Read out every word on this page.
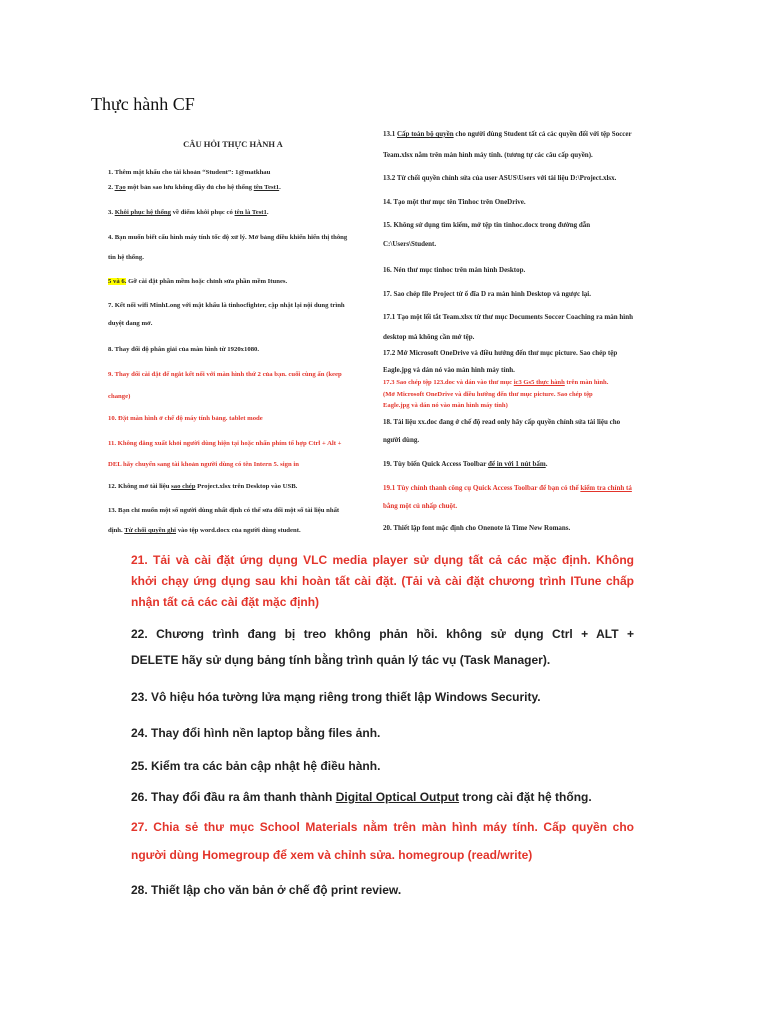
Thực hành CF
CÂU HỎI THỰC HÀNH A
1. Thêm mật khẩu cho tài khoản “Student”: 1@matkhau
2. Tạo một bản sao lưu không đầy đủ cho hệ thống tên Test1.
3. Khôi phục hệ thống về điểm khôi phục có tên là Test1.
4. Bạn muốn biết cấu hình máy tính tốc độ xử lý. Mở bảng điều khiển hiển thị thông
tin hệ thống.
5 và 6. Gỡ cài đặt phần mềm hoặc chỉnh sửa phần mềm Itunes.
7. Kết nối wifi MinhLong với mật khẩu là tinhocfighter, cập nhật lại nội dung trình
duyệt đang mở.
8. Thay đổi độ phân giải của màn hình từ 1920x1080.
9. Thay đổi cài đặt để ngắt kết nối với màn hình thứ 2 của bạn. cuối cùng ấn (keep
change)
10. Đặt màn hình ở chế độ máy tính bảng. tablet mode
11. Không đăng xuất khỏi người dùng hiện tại hoặc nhấn phím tổ hợp Ctrl + Alt +
DEL hãy chuyển sang tài khoản người dùng có tên Intern 5. sign in
12. Không mở tài liệu sao chép Project.xlsx trên Desktop vào USB.
13. Bạn chỉ muốn một số người dùng nhất định có thể sửa đổi một số tài liệu nhất
định. Từ chối quyền ghi vào tệp word.docx của người dùng student.
13.1 Cấp toàn bộ quyền cho người dùng Student tất cả các quyền đối với tệp Soccer
Team.xlsx nằm trên màn hình máy tính. (tương tự các câu cấp quyền).
13.2 Từ chối quyền chỉnh sửa của user ASUS\Users với tài liệu D:\Project.xlsx.
14. Tạo một thư mục tên Tinhoc trên OneDrive.
15. Không sử dụng tìm kiếm, mở tệp tin tinhoc.docx trong đường dẫn
C:\Users\Student.
16. Nén thư mục tinhoc trên màn hình Desktop.
17. Sao chép file Project từ ổ đĩa D ra màn hình Desktop và ngược lại.
17.1 Tạo một lối tắt Team.xlsx từ thư mục Documents Soccer Coaching ra màn hình
desktop mà không cần mở tệp.
17.2 Mở Microsoft OneDrive và điều hướng đến thư mục picture. Sao chép tệp
Eagle.jpg và dán nó vào màn hình máy tính.
17.3 Sao chép tệp 123.doc và dán vào thư mục ic3 Gs5 thực hành trên màn hình.
(Mở Microsoft OneDrive và điều hướng đến thư mục picture. Sao chép tệp
Eagle.jpg và dán nó vào màn hình máy tính)
18. Tài liệu xx.doc đang ở chế độ read only hãy cấp quyền chỉnh sửa tài liệu cho
người dùng.
19. Tùy biến Quick Access Toolbar để in với 1 nút bấm.
19.1 Tùy chỉnh thanh công cụ Quick Access Toolbar để bạn có thể kiểm tra chính tả
bằng một cú nhấp chuột.
20. Thiết lập font mặc định cho Onenote là Time New Romans.
21. Tải và cài đặt ứng dụng VLC media player sử dụng tất cả các mặc định. Không
khởi chạy ứng dụng sau khi hoàn tất cài đặt. (Tải và cài đặt chương trình ITune chấp
nhận tất cả các cài đặt mặc định)
22. Chương trình đang bị treo không phản hồi. không sử dụng Ctrl + ALT +
DELETE hãy sử dụng bảng tính bằng trình quản lý tác vụ (Task Manager).
23. Vô hiệu hóa tường lửa mạng riêng trong thiết lập Windows Security.
24. Thay đổi hình nền laptop bằng files ảnh.
25. Kiểm tra các bản cập nhật hệ điều hành.
26. Thay đổi đầu ra âm thanh thành Digital Optical Output trong cài đặt hệ thống.
27. Chia sẻ thư mục School Materials nằm trên màn hình máy tính. Cấp quyền cho
người dùng Homegroup để xem và chỉnh sửa. homegroup (read/write)
28. Thiết lập cho văn bản ở chế độ print review.
